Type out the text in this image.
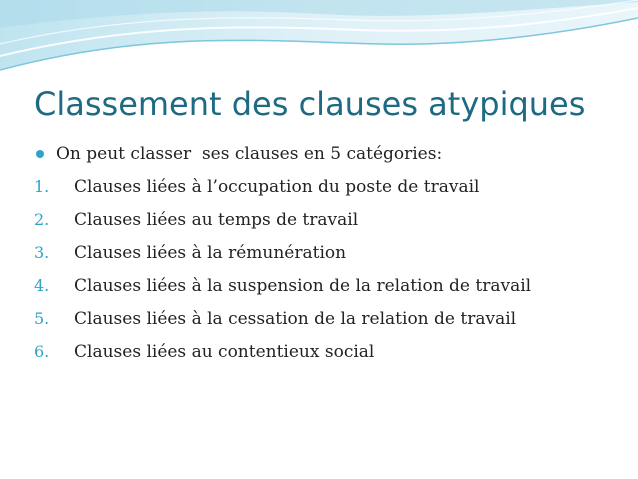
Classement des clauses atypiques
On peut classer  ses clauses en 5 catégories:
1.	Clauses liées à l’occupation du poste de travail
2.	Clauses liées au temps de travail
3.	Clauses liées à la rémunération
4.	Clauses liées à la suspension de la relation de travail
5.	Clauses liées à la cessation de la relation de travail
6.	Clauses liées au contentieux social
